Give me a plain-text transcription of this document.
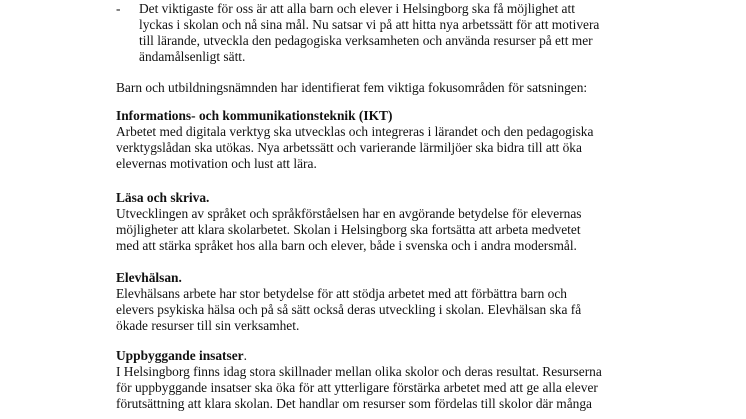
- Det viktigaste för oss är att alla barn och elever i Helsingborg ska få möjlighet att
lyckas i skolan och nå sina mål. Nu satsar vi på att hitta nya arbetssätt för att motivera
till lärande, utveckla den pedagogiska verksamheten och använda resurser på ett mer
ändamålsenligt sätt.
Barn och utbildningsnämnden har identifierat fem viktiga fokusområden för satsningen:
Informations- och kommunikationsteknik (IKT)
Arbetet med digitala verktyg ska utvecklas och integreras i lärandet och den pedagogiska
verktygslådan ska utökas. Nya arbetssätt och varierande lärmiljöer ska bidra till att öka
elevernas motivation och lust att lära.
Läsa och skriva.
Utvecklingen av språket och språkförståelsen har en avgörande betydelse för elevernas
möjligheter att klara skolarbetet. Skolan i Helsingborg ska fortsätta att arbeta medvetet
med att stärka språket hos alla barn och elever, både i svenska och i andra modersmål.
Elevhälsan.
Elevhälsans arbete har stor betydelse för att stödja arbetet med att förbättra barn och
elevers psykiska hälsa och på så sätt också deras utveckling i skolan. Elevhälsan ska få
ökade resurser till sin verksamhet.
Uppbyggande insatser.
I Helsingborg finns idag stora skillnader mellan olika skolor och deras resultat. Resurserna
för uppbyggande insatser ska öka för att ytterligare förstärka arbetet med att ge alla elever
förutsättning att klara skolan. Det handlar om resurser som fördelas till skolor där många
